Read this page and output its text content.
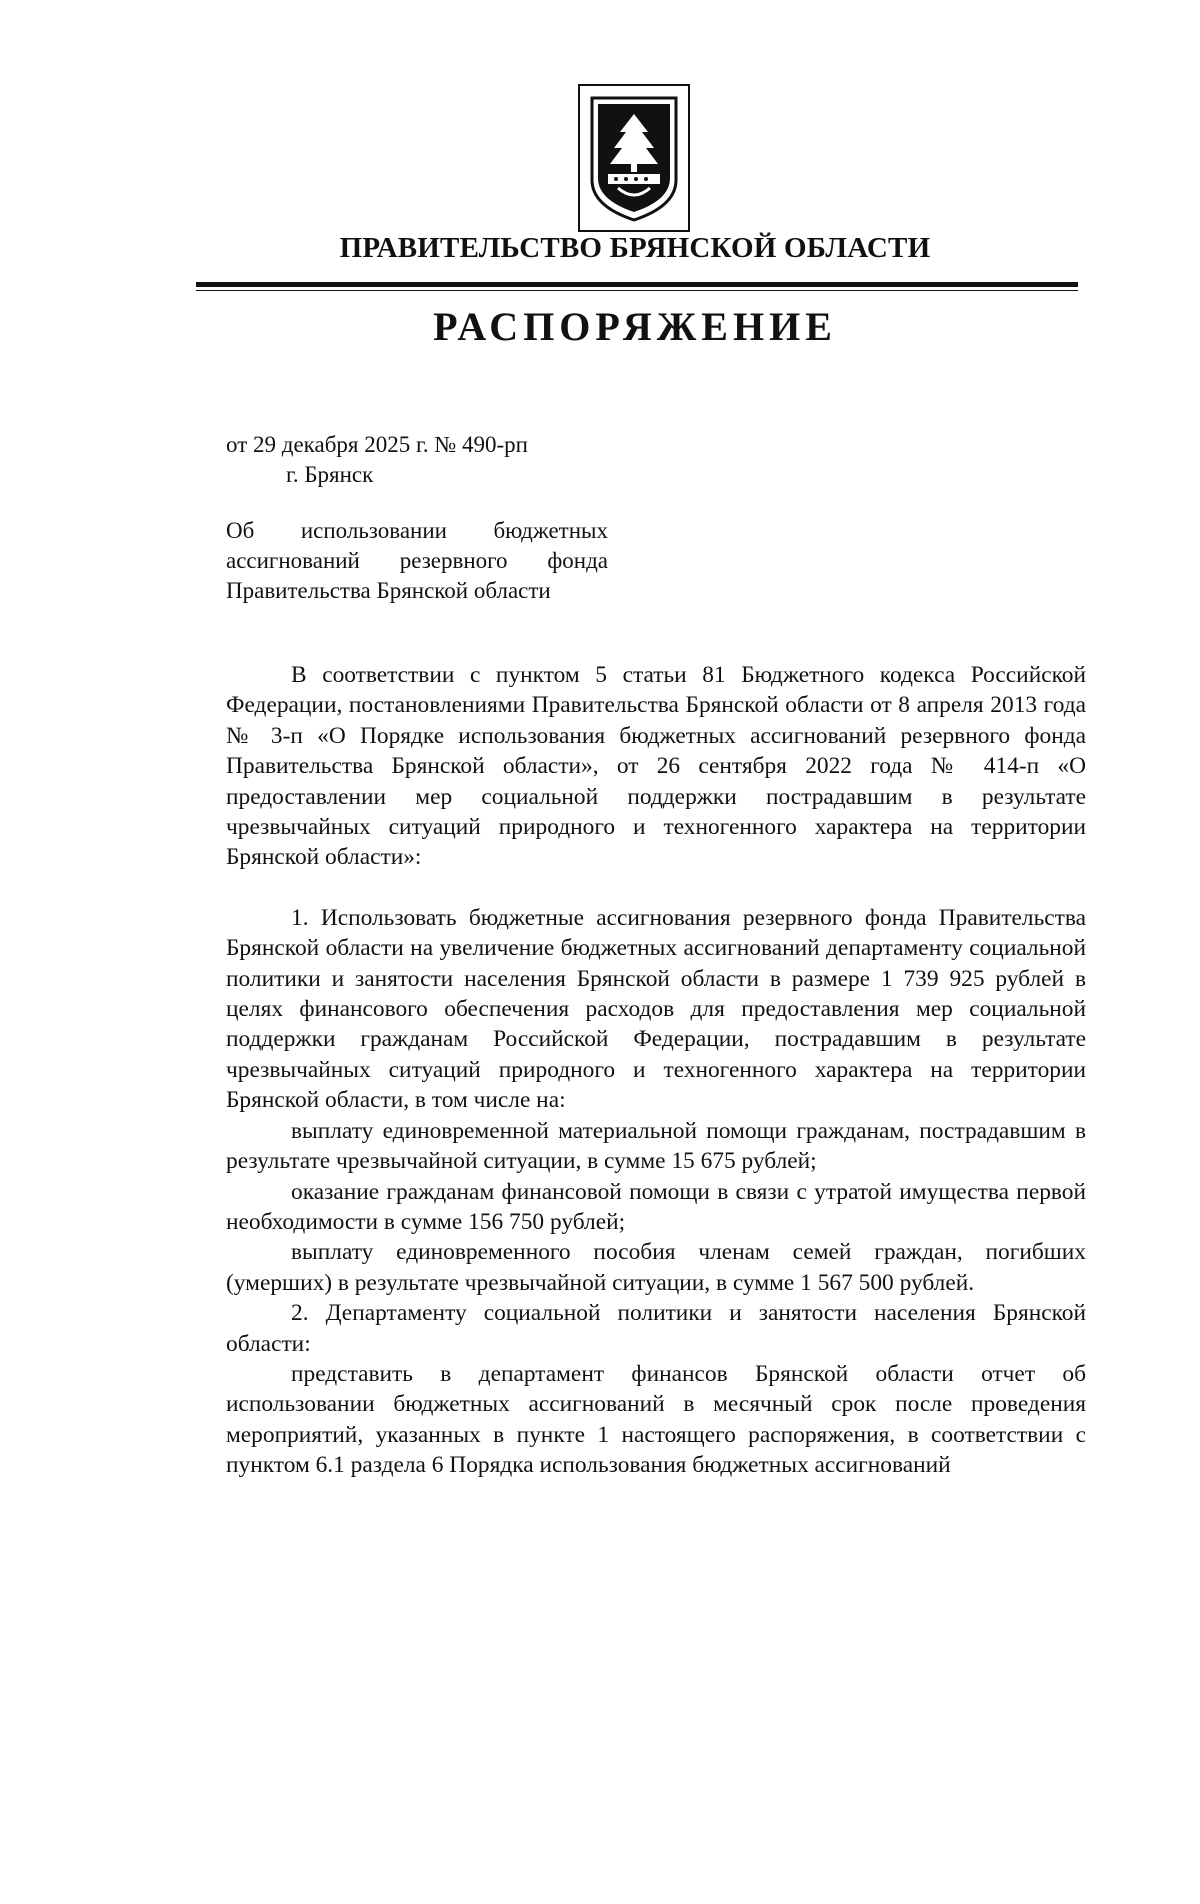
ПРАВИТЕЛЬСТВО БРЯНСКОЙ ОБЛАСТИ
РАСПОРЯЖЕНИЕ
от 29 декабря 2025 г. № 490-рп
г. Брянск
Об использовании бюджетных
ассигнований резервного фонда
Правительства Брянской области

В соответствии с пунктом 5 статьи 81 Бюджетного кодекса Российской Федерации, постановлениями Правительства Брянской области от 8 апреля 2013 года № 3-п «О Порядке использования бюджетных ассигнований резервного фонда Правительства Брянской области», от 26 сентября 2022 года № 414-п «О предоставлении мер социальной поддержки пострадавшим в результате чрезвычайных ситуаций природного и техногенного характера на территории Брянской области»:

1. Использовать бюджетные ассигнования резервного фонда Правительства Брянской области на увеличение бюджетных ассигнований департаменту социальной политики и занятости населения Брянской области в размере 1 739 925 рублей в целях финансового обеспечения расходов для предоставления мер социальной поддержки гражданам Российской Федерации, пострадавшим в результате чрезвычайных ситуаций природного и техногенного характера на территории Брянской области, в том числе на:

выплату единовременной материальной помощи гражданам, пострадавшим в результате чрезвычайной ситуации, в сумме 15 675 рублей;

оказание гражданам финансовой помощи в связи с утратой имущества первой необходимости в сумме 156 750 рублей;

выплату единовременного пособия членам семей граждан, погибших (умерших) в результате чрезвычайной ситуации, в сумме 1 567 500 рублей.

2. Департаменту социальной политики и занятости населения Брянской области:

представить в департамент финансов Брянской области отчет об использовании бюджетных ассигнований в месячный срок после проведения мероприятий, указанных в пункте 1 настоящего распоряжения, в соответствии с пунктом 6.1 раздела 6 Порядка использования бюджетных ассигнований
